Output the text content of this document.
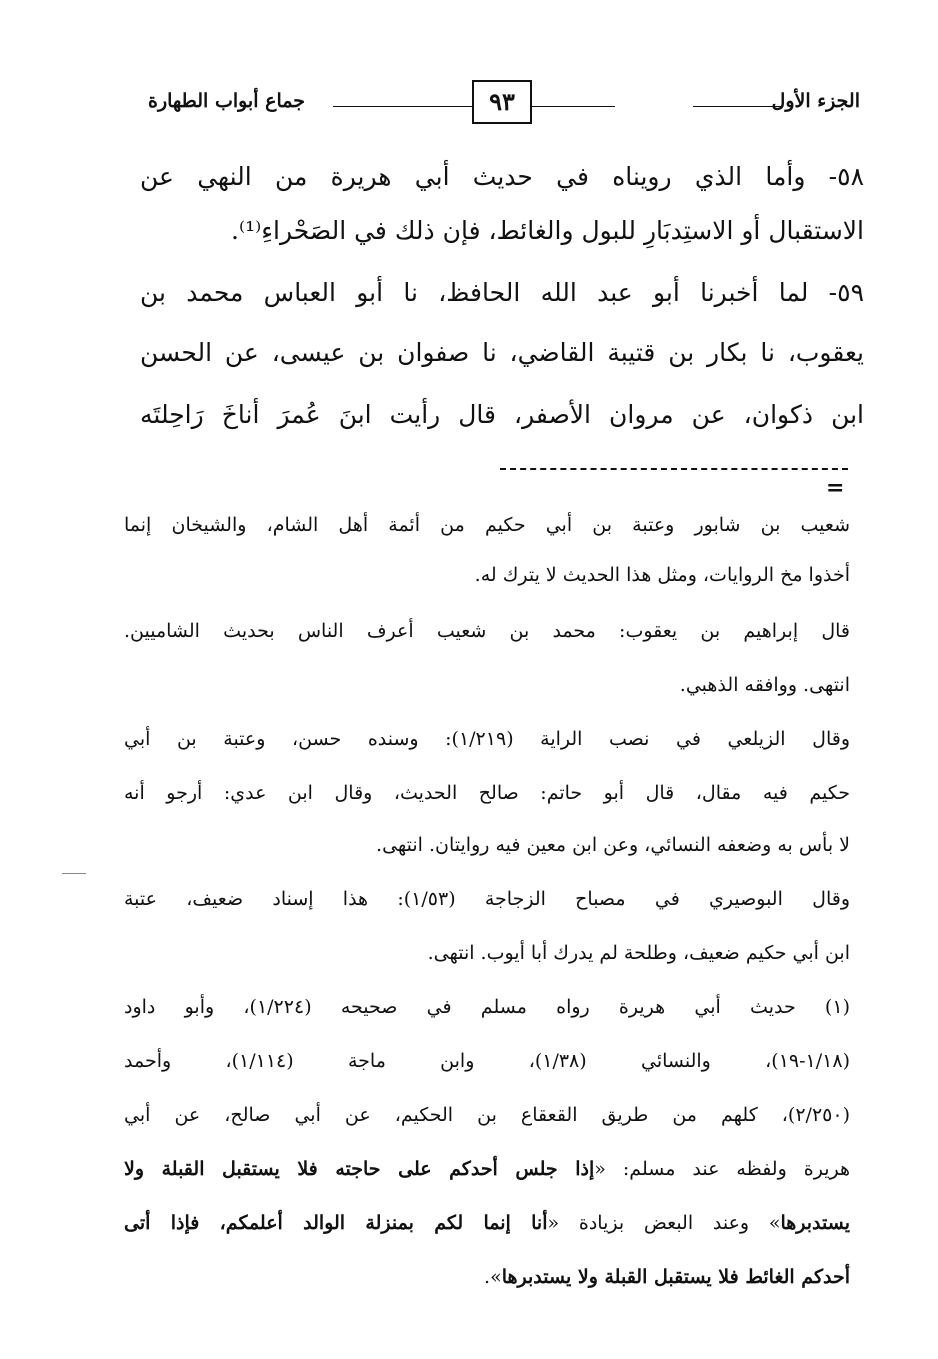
جماع أبواب الطهارة	٩٣	الجزء الأول
٥٨- وأما الذي رويناه في حديث أبي هريرة من النهي عن
الاستقبال أو الاستِدبَارِ للبول والغائط، فإن ذلك في الصَحْراءِ⁽¹⁾.
٥٩- لما أخبرنا أبو عبد الله الحافظ، نا أبو العباس محمد بن
يعقوب، نا بكار بن قتيبة القاضي، نا صفوان بن عيسى، عن الحسن
ابن ذكوان، عن مروان الأصفر، قال رأيت ابنَ عُمرَ أناخَ رَاحِلتَه
=
شعيب بن شابور وعتبة بن أبي حكيم من أئمة أهل الشام، والشيخان إنما
أخذوا مخ الروايات، ومثل هذا الحديث لا يترك له.
قال إبراهيم بن يعقوب: محمد بن شعيب أعرف الناس بحديث الشاميين.
انتهى. ووافقه الذهبي.
وقال الزيلعي في نصب الراية (١/٢١٩): وسنده حسن، وعتبة بن أبي
حكيم فيه مقال، قال أبو حاتم: صالح الحديث، وقال ابن عدي: أرجو أنه
لا بأس به وضعفه النسائي، وعن ابن معين فيه روايتان. انتهى.
وقال البوصيري في مصباح الزجاجة (١/٥٣): هذا إسناد ضعيف، عتبة
ابن أبي حكيم ضعيف، وطلحة لم يدرك أبا أيوب. انتهى.
(١) حديث أبي هريرة رواه مسلم في صحيحه (١/٢٢٤)، وأبو داود
(١/١٨-١٩)، والنسائي (١/٣٨)، وابن ماجة (١/١١٤)، وأحمد
(٢/٢٥٠)، كلهم من طريق القعقاع بن الحكيم، عن أبي صالح، عن أبي
هريرة ولفظه عند مسلم: «إذا جلس أحدكم على حاجته فلا يستقبل القبلة ولا
يستدبرها» وعند البعض بزيادة «أنا إنما لكم بمنزلة الوالد أعلمكم، فإذا أتى
أحدكم الغائط فلا يستقبل القبلة ولا يستدبرها».
